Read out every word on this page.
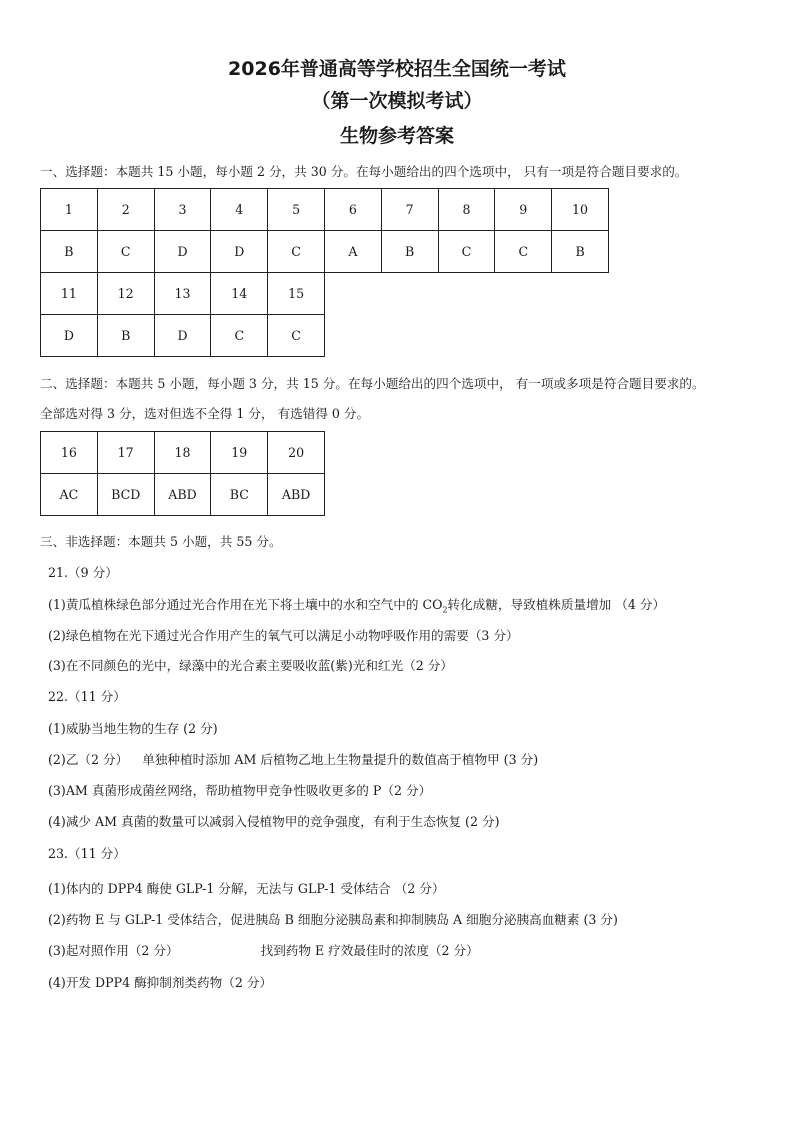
2026年普通高等学校招生全国统一考试
（第一次模拟考试）
生物参考答案
一、选择题：本题共 15 小题，每小题 2 分，共 30 分。在每小题给出的四个选项中， 只有一项是符合题目要求的。
1	2	3	4	5	6	7	8	9	10
B	C	D	D	C	A	B	C	C	B
11	12	13	14	15
D	B	D	C	C
二、选择题：本题共 5 小题，每小题 3 分，共 15 分。在每小题给出的四个选项中， 有一项或多项是符合题目要求的。
全部选对得 3 分，选对但选不全得 1 分， 有选错得 0 分。
16	17	18	19	20
AC	BCD	ABD	BC	ABD
三、非选择题：本题共 5 小题，共 55 分。
21.（9 分）
(1)黄瓜植株绿色部分通过光合作用在光下将土壤中的水和空气中的 $CO_2$转化成糖，导致植株质量增加 （4 分）
(2)绿色植物在光下通过光合作用产生的氧气可以满足小动物呼吸作用的需要（3 分）
(3)在不同颜色的光中，绿藻中的光合素主要吸收蓝(紫)光和红光（2 分）
22.（11 分）
(1)威胁当地生物的生存 (2 分)
(2)乙（2 分） 单独种植时添加 AM 后植物乙地上生物量提升的数值高于植物甲 (3 分)
(3)AM 真菌形成菌丝网络，帮助植物甲竞争性吸收更多的 P（2 分）
(4)减少 AM 真菌的数量可以减弱入侵植物甲的竞争强度，有利于生态恢复 (2 分)
23.（11 分）
(1)体内的 DPP4 酶使 GLP-1 分解，无法与 GLP-1 受体结合 （2 分）
(2)药物 E 与 GLP-1 受体结合，促进胰岛 B 细胞分泌胰岛素和抑制胰岛 A 细胞分泌胰高血糖素 (3 分)
(3)起对照作用（2 分）	找到药物 E 疗效最佳时的浓度（2 分）
(4)开发 DPP4 酶抑制剂类药物（2 分）
